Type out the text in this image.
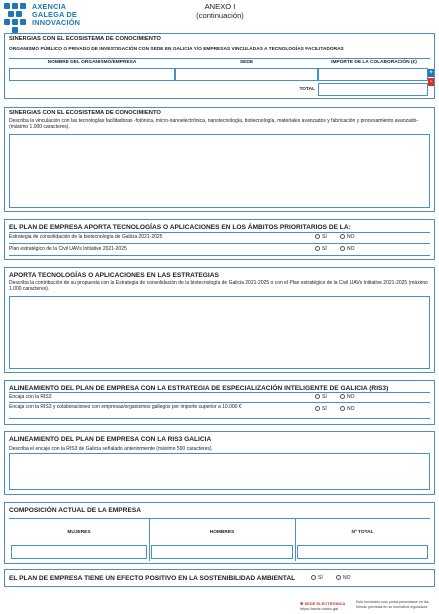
AXENCIA
GALEGA DE
INNOVACIÓN
ANEXO I
(continuación)
SINERGIAS CON EL ECOSISTEMA DE CONOCIMIENTO
ORGANISMO PÚBLICO O PRIVADO DE INVESTIGACIÓN CON SEDE EN GALICIA Y/O EMPRESAS VINCULADAS A TECNOLOGÍAS FACILITADORAS
NOMBRE DEL ORGANISMO/EMPRESA	SEDE	IMPORTE DE LA COLABORACIÓN (€)
+
-
TOTAL
SINERGIAS CON EL ECOSISTEMA DE CONOCIMIENTO
Describa la vinculación con las tecnologías facilitadoras -fotónica, micro-nanoelectrónica, nanotecnología, biotecnología, materiales avanzados y fabricación y procesamiento avanzado- (máximo 1.000 caracteres).
EL PLAN DE EMPRESA APORTA TECNOLOGÍAS O APLICACIONES EN LOS ÁMBITOS PRIORITARIOS DE LA:
Estrategia de consolidación de la biotecnología de Galicia 2021-2025	SÍ	NO
Plan estratégico de la Civil UAVs Initiative 2021-2025	SÍ	NO
APORTA TECNOLOGÍAS O APLICACIONES EN LAS ESTRATEGIAS
Describa la contribución de su propuesta con la Estrategia de consolidación de la biotecnología de Galicia 2021-2025 o con el Plan estratégico de la Civil UAVs Initiative 2021-2025 (máximo 1.000 caracteres).
ALINEAMIENTO DEL PLAN DE EMPRESA CON LA ESTRATEGIA DE ESPECIALIZACIÓN INTELIGENTE DE GALICIA (RIS3)
Encaja con la RIS3	SÍ	NO
Encaja con la RIS3 y colaboraciones con empresas/organismos gallegos por importe superior a 10.000 €	SÍ	NO
ALINEAMIENTO DEL PLAN DE EMPRESA CON LA RIS3 GALICIA
Describa el encaje con la RIS3 de Galicia señalado anteriormente (máximo 500 caracteres).
COMPOSICIÓN ACTUAL DE LA EMPRESA
MUJERES	HOMBRES	Nº TOTAL
EL PLAN DE EMPRESA TIENE UN EFECTO POSITIVO EN LA SOSTENIBILIDAD AMBIENTAL	SÍ	NO
✹ SEDE ELECTRÓNICA
https://sede.xunta.gal
Este formulario solo podrá presentarse en las formas previstas en su normativa reguladora
